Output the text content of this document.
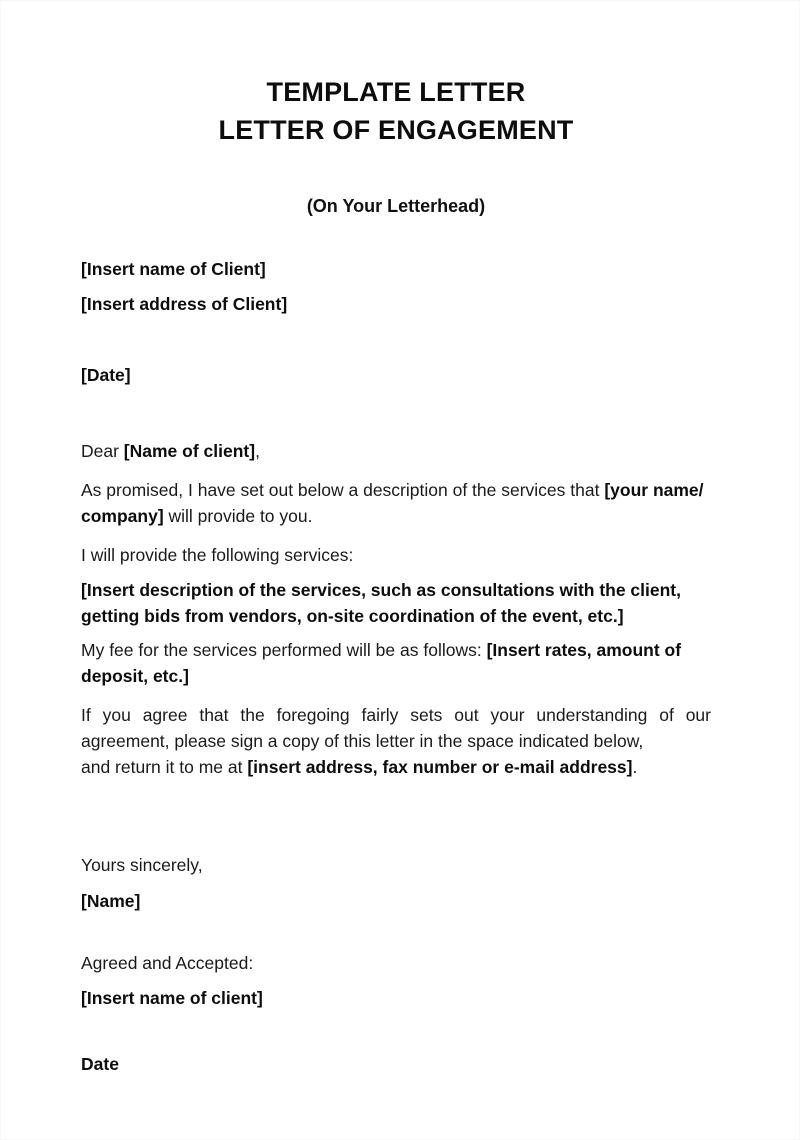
TEMPLATE LETTER
LETTER OF ENGAGEMENT
(On Your Letterhead)
[Insert name of Client]
[Insert address of Client]
[Date]
Dear [Name of client],
As promised, I have set out below a description of the services that [your name/ company] will provide to you.
I will provide the following services:
[Insert description of the services, such as consultations with the client, getting bids from vendors, on-site coordination of the event, etc.]
My fee for the services performed will be as follows: [Insert rates, amount of deposit, etc.]
If you agree that the foregoing fairly sets out your understanding of our agreement, please sign a copy of this letter in the space indicated below,
and return it to me at [insert address, fax number or e-mail address].
Yours sincerely,
[Name]
Agreed and Accepted:
[Insert name of client]
Date
